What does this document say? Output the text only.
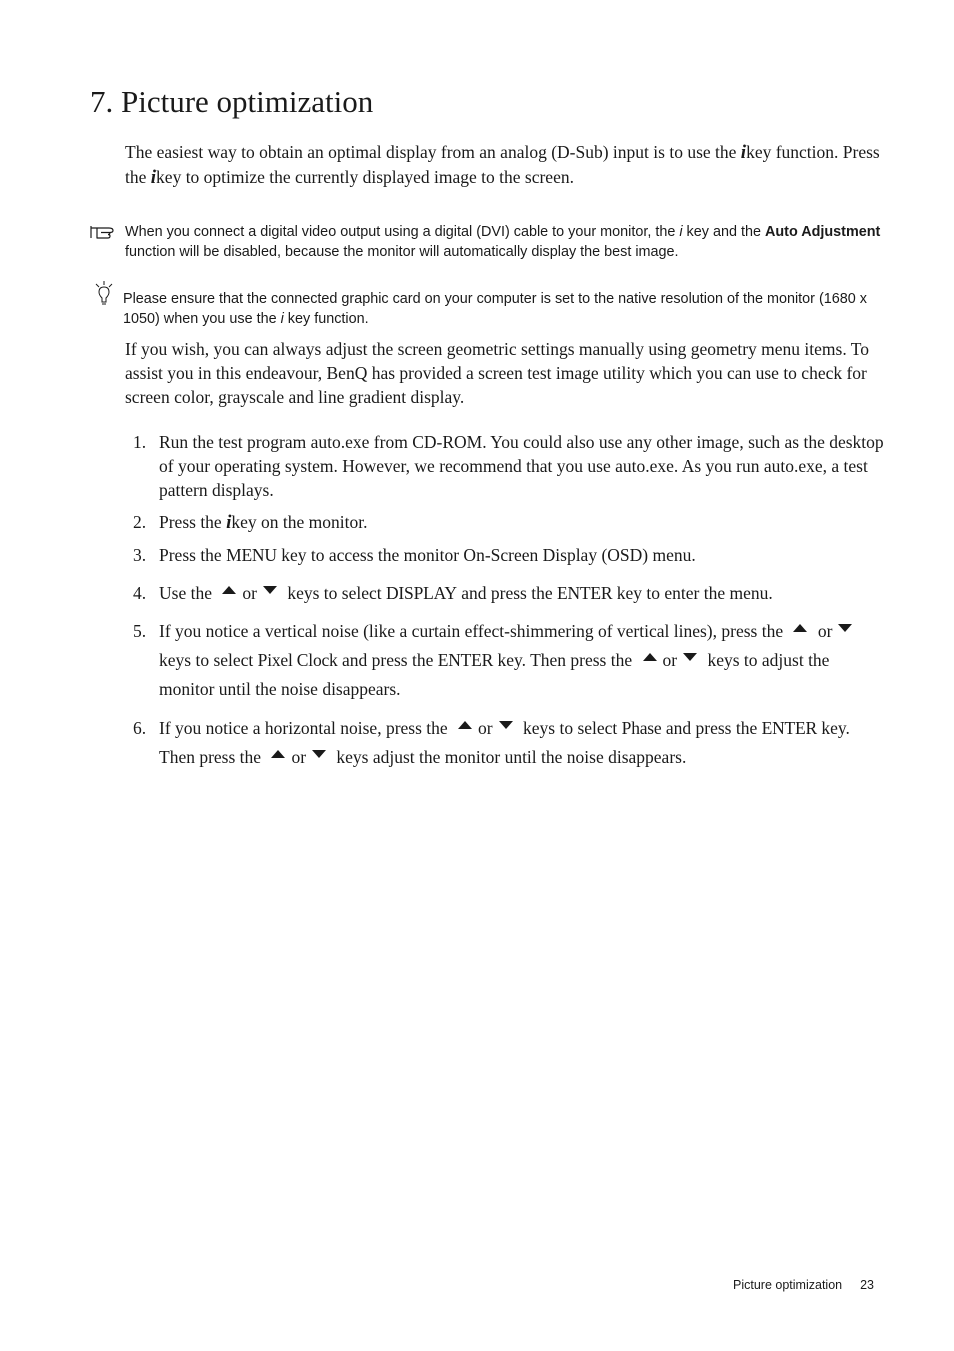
7. Picture optimization

The easiest way to obtain an optimal display from an analog (D-Sub) input is to use the ikey function. Press the ikey to optimize the currently displayed image to the screen.

When you connect a digital video output using a digital (DVI) cable to your monitor, the i key and the Auto Adjustment function will be disabled, because the monitor will automatically display the best image.

Please ensure that the connected graphic card on your computer is set to the native resolution of the monitor (1680 x 1050) when you use the i key function.

If you wish, you can always adjust the screen geometric settings manually using geometry menu items. To assist you in this endeavour, BenQ has provided a screen test image utility which you can use to check for screen color, grayscale and line gradient display.

1. Run the test program auto.exe from CD-ROM. You could also use any other image, such as the desktop of your operating system. However, we recommend that you use auto.exe. As you run auto.exe, a test pattern displays.
2. Press the ikey on the monitor.
3. Press the MENU key to access the monitor On-Screen Display (OSD) menu.
4. Use the
or
keys to select DISPLAY and press the ENTER key to enter the menu.
5. If you notice a vertical noise (like a curtain effect-shimmering of vertical lines), press the
or
keys to select Pixel Clock and press the ENTER key. Then press the
or
keys to adjust the monitor until the noise disappears.
6. If you notice a horizontal noise, press the
or
keys to select Phase and press the ENTER key. Then press the
or
keys adjust the monitor until the noise disappears.
Picture optimization 23
